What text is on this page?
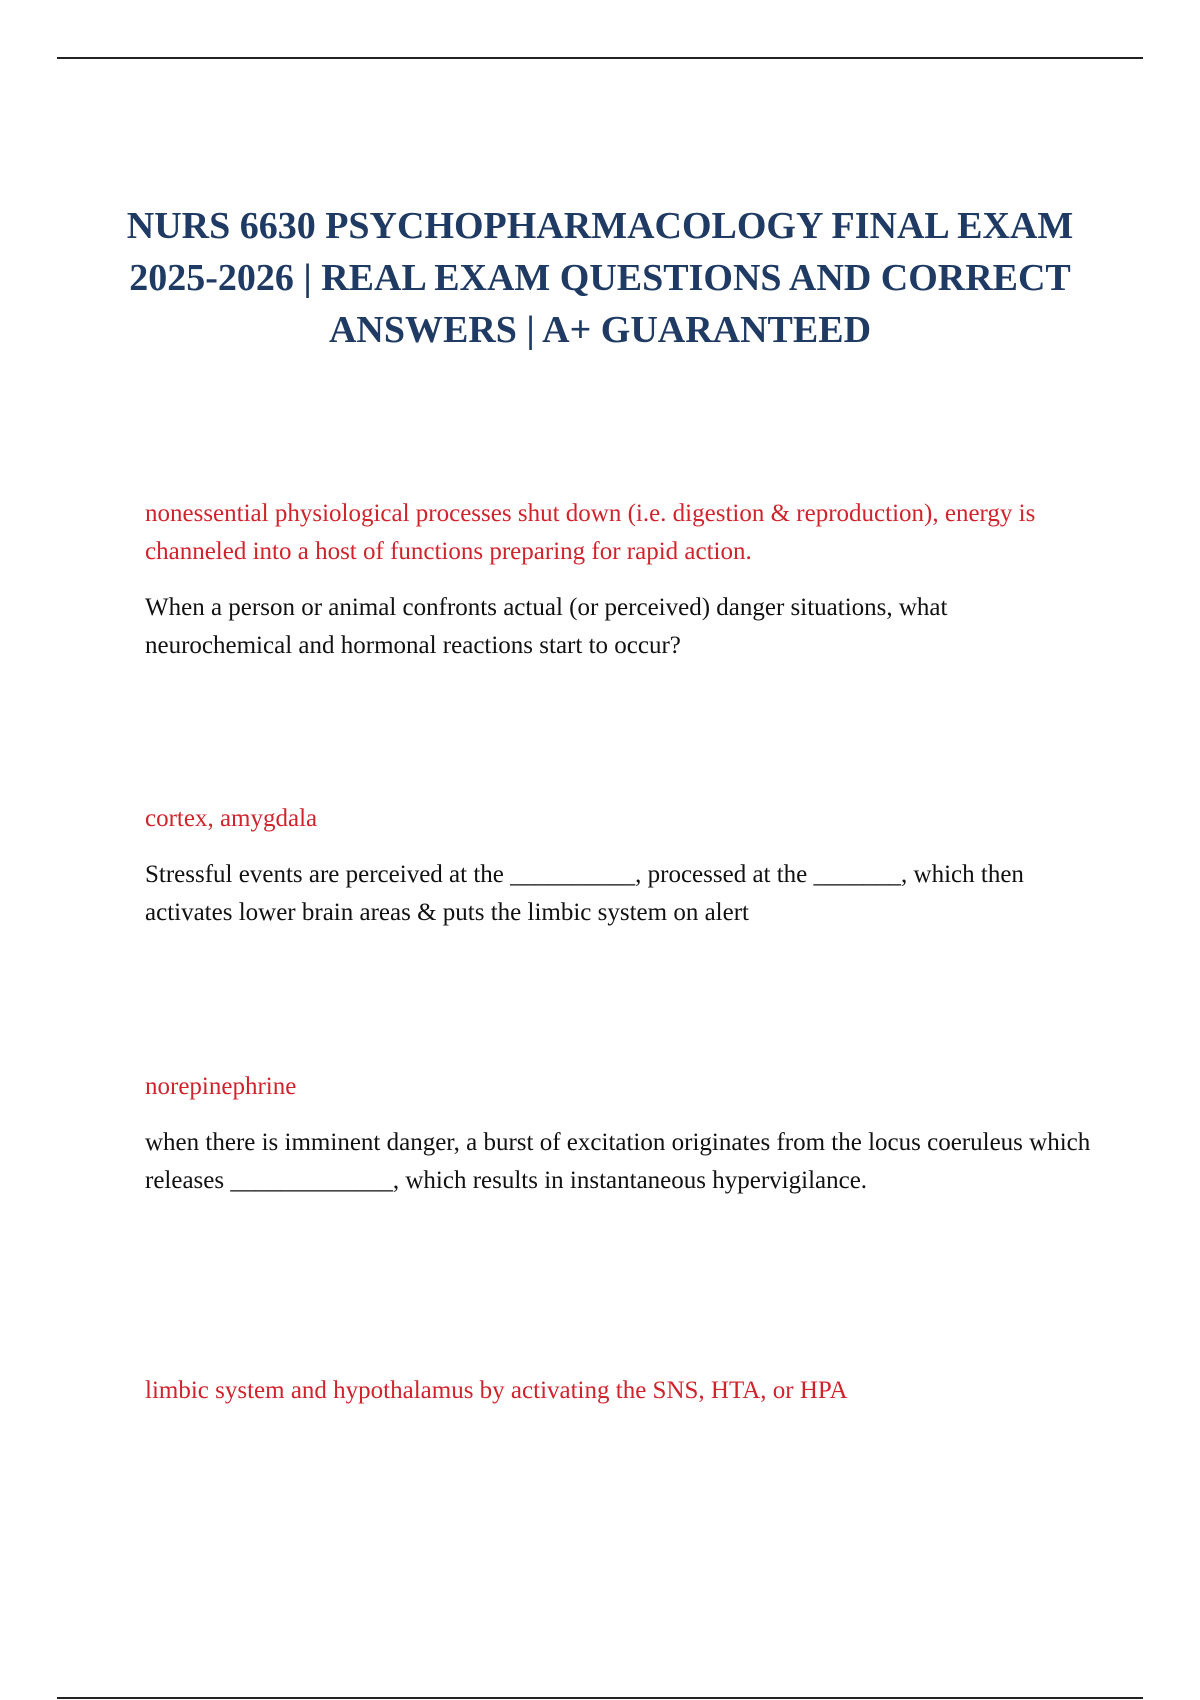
NURS 6630 PSYCHOPHARMACOLOGY FINAL EXAM 2025-2026 | REAL EXAM QUESTIONS AND CORRECT ANSWERS | A+ GUARANTEED

nonessential physiological processes shut down (i.e. digestion & reproduction), energy is channeled into a host of functions preparing for rapid action.

When a person or animal confronts actual (or perceived) danger situations, what neurochemical and hormonal reactions start to occur?

cortex, amygdala

Stressful events are perceived at the __________, processed at the _______, which then activates lower brain areas & puts the limbic system on alert

norepinephrine

when there is imminent danger, a burst of excitation originates from the locus coeruleus which releases _____________, which results in instantaneous hypervigilance.

limbic system and hypothalamus by activating the SNS, HTA, or HPA
